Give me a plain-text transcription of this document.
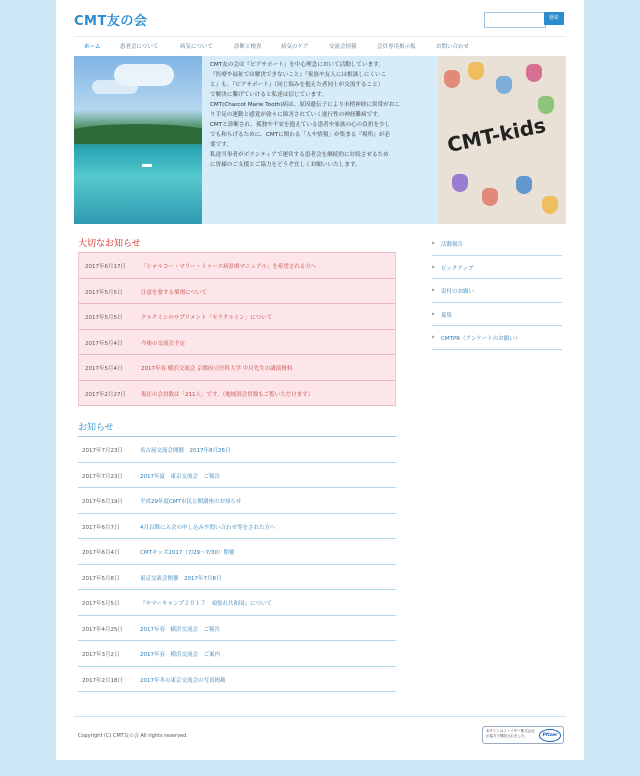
CMT友の会	検索
ホーム	患者会について	病気について	診断と検査	病気のケア	交流会情報	会員専用掲示板	お問い合わせ

CMT友の会は『ピアサポート』を中心理念において活動しています。

『医療や福祉では解決できないこと』『家族や友人には相談しにくいこ

と』も、『ピアサポート』（同じ悩みを抱えた者同士が交流すること）

で解決に繋げていけると私達は信じています。

CMT(Charcot Marie Tooth)病は、原因遺伝子により末梢神経に異常がおこ

り手足の運動と感覚が徐々に障害されていく進行性の神経難病です。

CMTと診断され、孤独や不安を抱えている患者や家族の心の負担を少し

でも和らげるために、CMTに関わる「人や情報」が集まる『場所』が必

要です。

私達当事者がボランティアで運営する患者会を継続的に存続させるため

に皆様のご支援とご協力をどうぞ宜しくお願いいたします。

CMT-kids
大切なお知らせ
2017年6月17日	「シャルコー・マリー・トゥース病診療マニュアル」を希望される方へ
2017年5月5日	注意を要する薬剤について
2017年5月5日	クルクミンのサプリメント「セラクルミン」について
2017年5月4日	今後の交流会予定
2017年5月4日	2017年春 横浜交流会 京都府立医科大学 中川先生の講演資料
2017年2月27日	現在の会員数は「211人」です。（地域別会員数もご覧いただけます）
お知らせ
2017年7月23日	名古屋交流会開催　2017年8月26日
2017年7月23日	2017年夏　東京交流会　ご報告
2017年6月19日	平成29年度CMT市民公開講座のお知らせ
2017年6月7日	4月以降に入会の申し込みや問い合わせ等をされた方へ
2017年6月4日	CMTキッズ2017（7/29〜7/30）開催
2017年5月8日	東京交流会開催　2017年7月8日
2017年5月5日	『サマーキャンプ２０１７　頑張れ共和国』について
2017年4月25日	2017年春　横浜交流会　ご報告
2017年3月2日	2017年春　横浜交流会　ご案内
2017年2月18日	2017年冬の東京交流会の写真掲載
▶ 活動報告
▶ ピックアップ
▶ 寄付のお願い
▶ 募集
▶ CMTPR（アンケートのお願い）
Copyright (C) CMT友の会 All rights reserved.
本サイトはファイザー株式会社の協力で開設されました。	Pfizer
